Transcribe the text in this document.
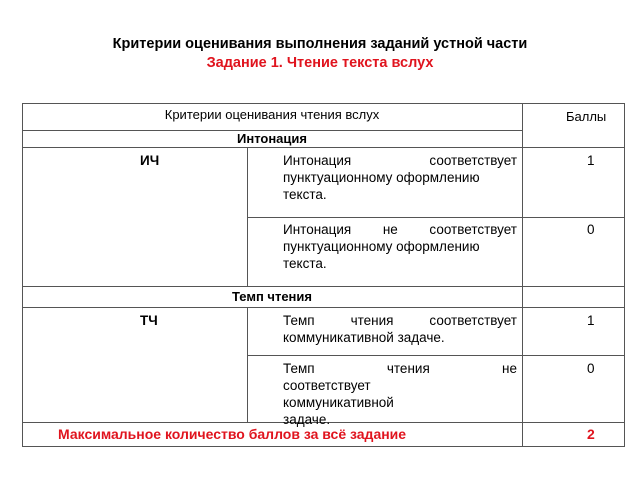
Критерии оценивания выполнения заданий устной части
Задание 1. Чтение текста вслух
Критерии оценивания чтения вслух	Баллы
Интонация
ИЧ	Интонация соответствует
пунктуационному оформлению текста.
1
Интонация не соответствует
пунктуационному оформлению текста.
0
Темп чтения
ТЧ	Темп чтения соответствует
коммуникативной задаче.
1
Темп чтения не
соответствует коммуникативной задаче.
0
Максимальное количество баллов за всё задание	2
